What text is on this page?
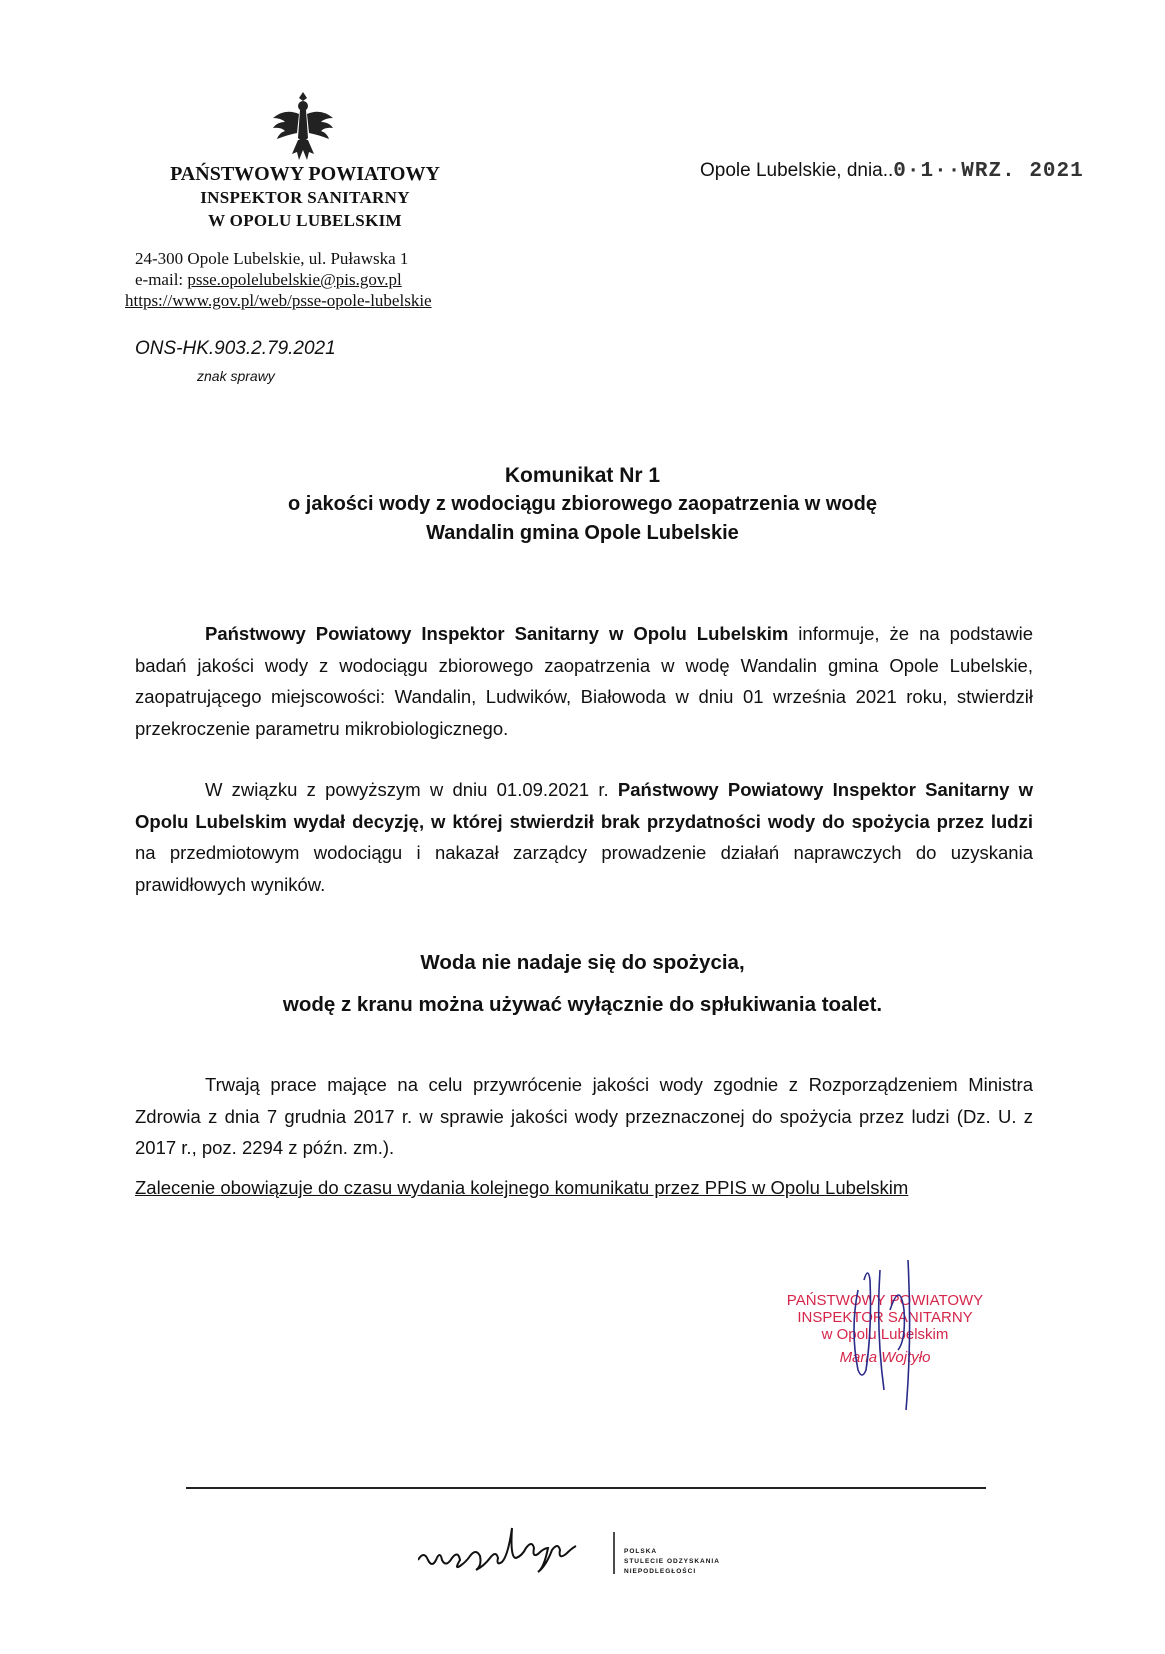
PAŃSTWOWY POWIATOWY
INSPEKTOR SANITARNY
W OPOLU LUBELSKIM
24-300 Opole Lubelskie, ul. Puławska 1
e-mail: psse.opolelubelskie@pis.gov.pl
https://www.gov.pl/web/psse-opole-lubelskie
Opole Lubelskie, dnia..0·1··WRZ. 2021
ONS-HK.903.2.79.2021
znak sprawy
Komunikat Nr 1
o jakości wody z wodociągu zbiorowego zaopatrzenia w wodę
Wandalin gmina Opole Lubelskie
Państwowy Powiatowy Inspektor Sanitarny w Opolu Lubelskim informuje, że na podstawie badań jakości wody z wodociągu zbiorowego zaopatrzenia w wodę Wandalin gmina Opole Lubelskie, zaopatrującego miejscowości: Wandalin, Ludwików, Białowoda w dniu 01 września 2021 roku, stwierdził przekroczenie parametru mikrobiologicznego.
W związku z powyższym w dniu 01.09.2021 r. Państwowy Powiatowy Inspektor Sanitarny w Opolu Lubelskim wydał decyzję, w której stwierdził brak przydatności wody do spożycia przez ludzi na przedmiotowym wodociągu i nakazał zarządcy prowadzenie działań naprawczych do uzyskania prawidłowych wyników.
Woda nie nadaje się do spożycia,
wodę z kranu można używać wyłącznie do spłukiwania toalet.
Trwają prace mające na celu przywrócenie jakości wody zgodnie z Rozporządzeniem Ministra Zdrowia z dnia 7 grudnia 2017 r. w sprawie jakości wody przeznaczonej do spożycia przez ludzi (Dz. U. z 2017 r., poz. 2294 z późn. zm.).
Zalecenie obowiązuje do czasu wydania kolejnego komunikatu przez PPIS w Opolu Lubelskim
PAŃSTWOWY POWIATOWY
INSPEKTOR SANITARNY
w Opolu Lubelskim
Maria Wojtyło
POLSKA
STULECIE ODZYSKANIA
NIEPODLEGŁOŚCI
